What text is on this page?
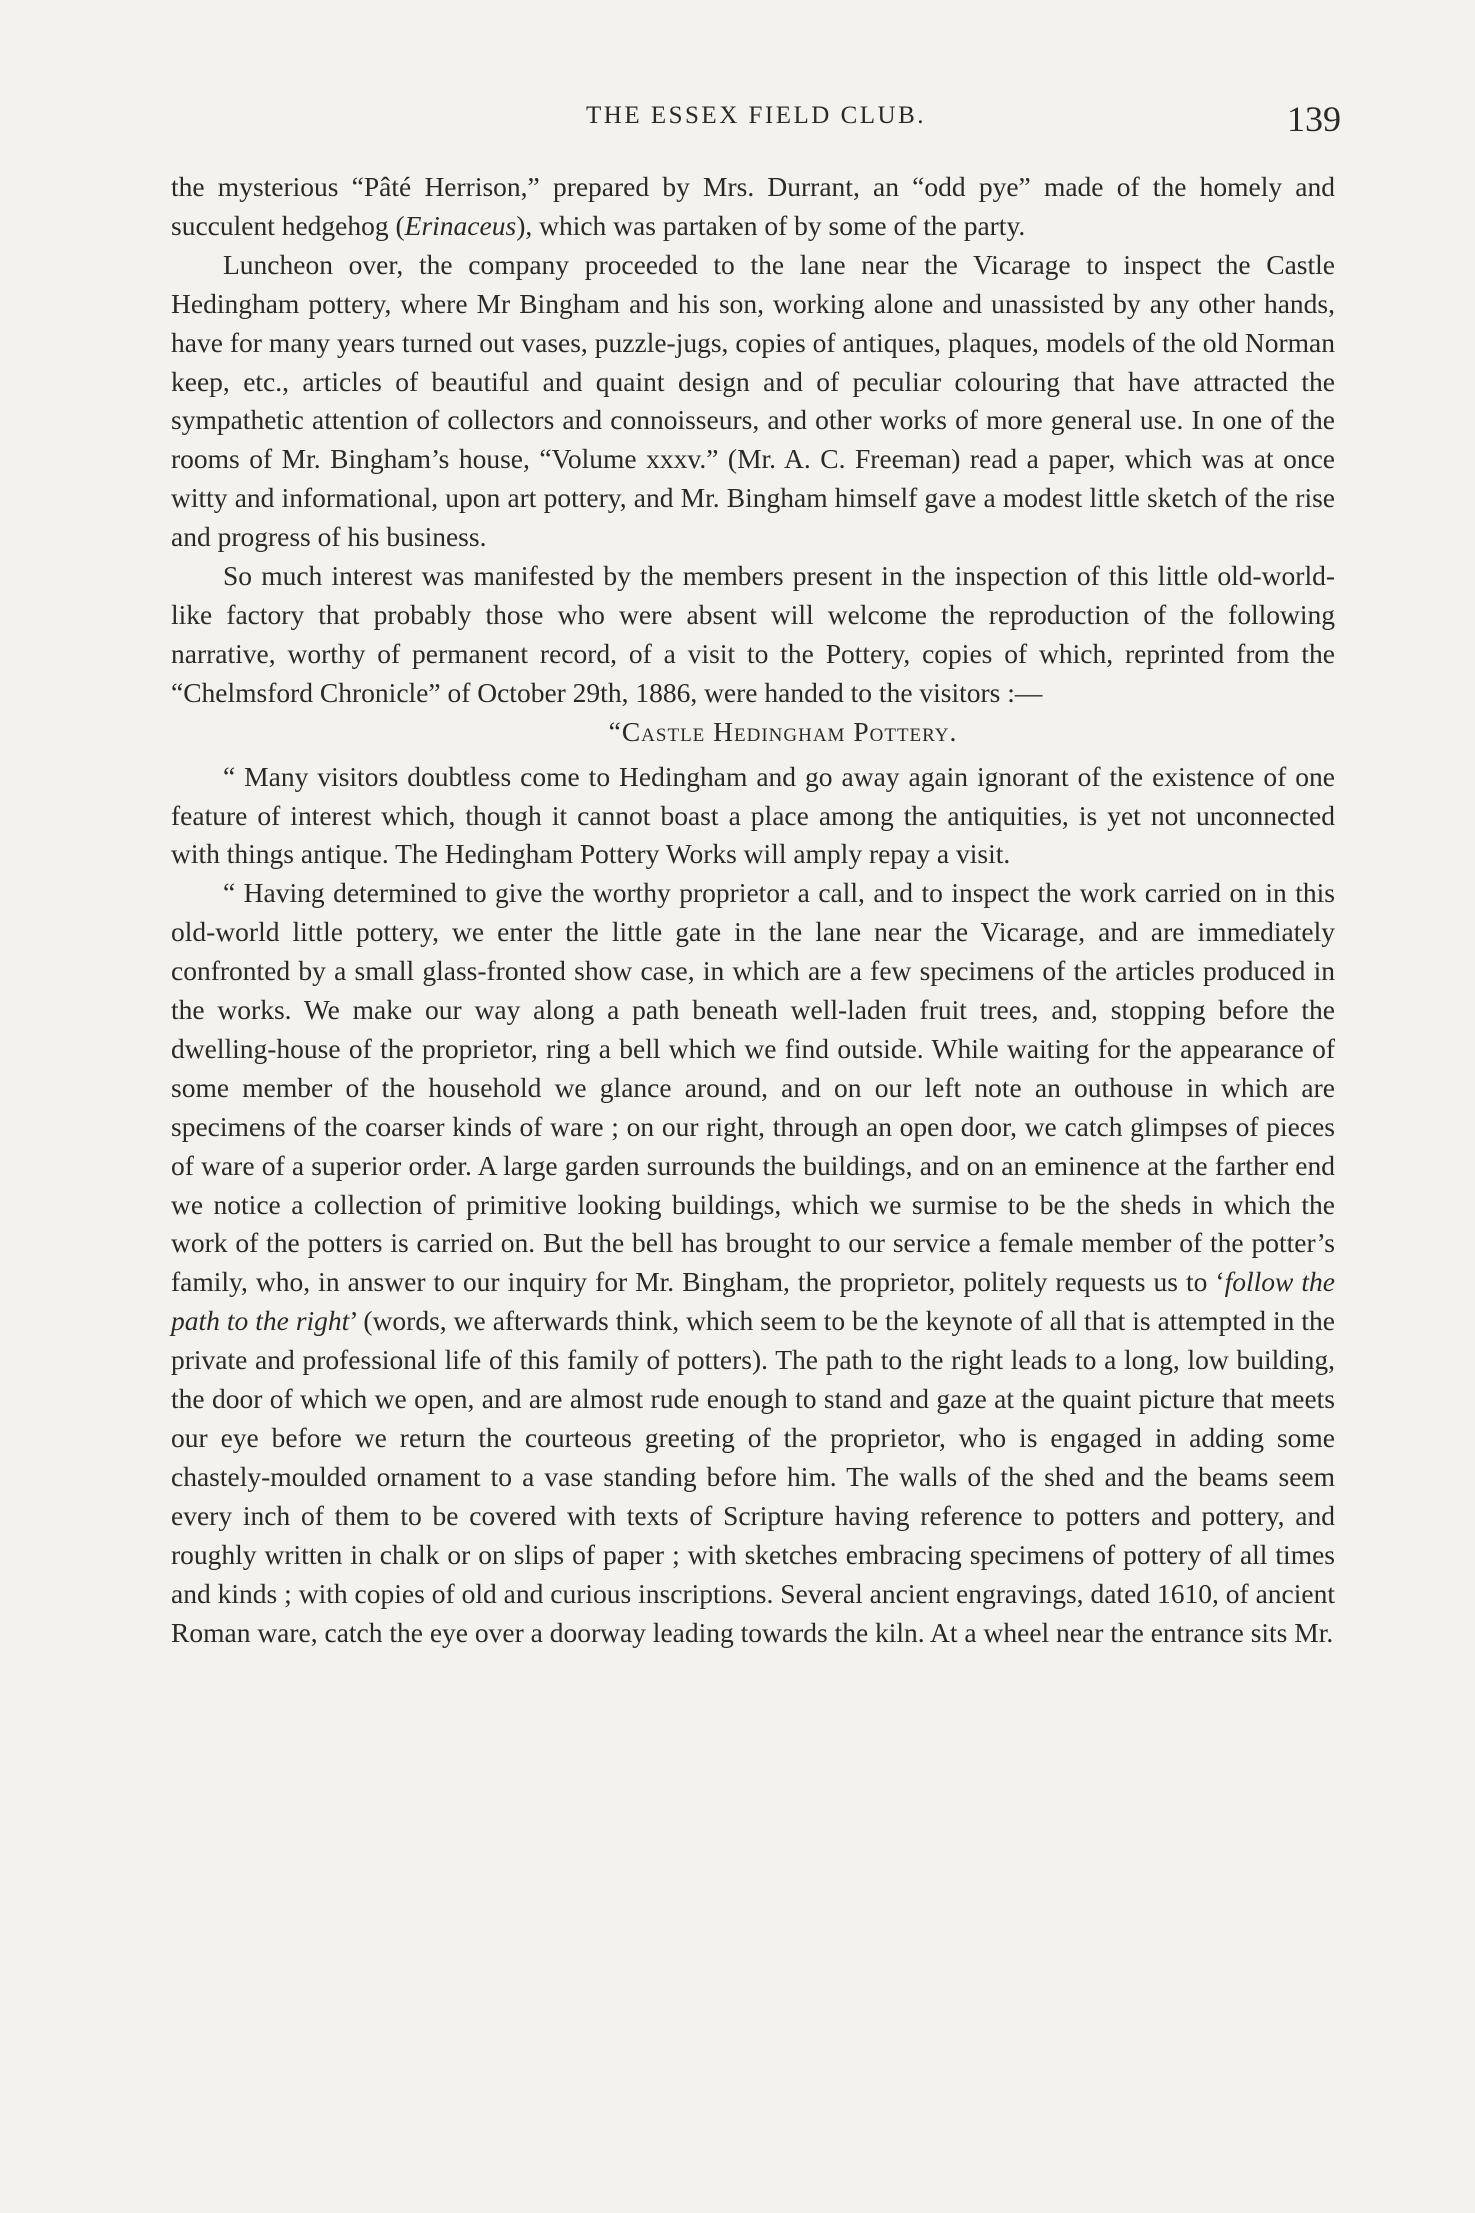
THE ESSEX FIELD CLUB.	139

the mysterious “Pâté Herrison,” prepared by Mrs. Durrant, an “odd pye” made of the homely and succulent hedgehog (Erinaceus), which was partaken of by some of the party.

Luncheon over, the company proceeded to the lane near the Vicarage to inspect the Castle Hedingham pottery, where Mr Bingham and his son, working alone and unassisted by any other hands, have for many years turned out vases, puzzle-jugs, copies of antiques, plaques, models of the old Norman keep, etc., articles of beautiful and quaint design and of peculiar colouring that have attracted the sympathetic attention of collectors and connoisseurs, and other works of more general use. In one of the rooms of Mr. Bingham’s house, “Volume xxxv.” (Mr. A. C. Freeman) read a paper, which was at once witty and informational, upon art pottery, and Mr. Bingham himself gave a modest little sketch of the rise and progress of his business.

So much interest was manifested by the members present in the inspection of this little old-world-like factory that probably those who were absent will welcome the reproduction of the following narrative, worthy of permanent record, of a visit to the Pottery, copies of which, reprinted from the “Chelmsford Chronicle” of October 29th, 1886, were handed to the visitors :—

“Castle Hedingham Pottery.

“ Many visitors doubtless come to Hedingham and go away again ignorant of the existence of one feature of interest which, though it cannot boast a place among the antiquities, is yet not unconnected with things antique. The Hedingham Pottery Works will amply repay a visit.

“ Having determined to give the worthy proprietor a call, and to inspect the work carried on in this old-world little pottery, we enter the little gate in the lane near the Vicarage, and are immediately confronted by a small glass-fronted show case, in which are a few specimens of the articles produced in the works. We make our way along a path beneath well-laden fruit trees, and, stopping before the dwelling-house of the proprietor, ring a bell which we find outside. While waiting for the appearance of some member of the household we glance around, and on our left note an outhouse in which are specimens of the coarser kinds of ware ; on our right, through an open door, we catch glimpses of pieces of ware of a superior order. A large garden surrounds the buildings, and on an eminence at the farther end we notice a collection of primitive looking buildings, which we surmise to be the sheds in which the work of the potters is carried on. But the bell has brought to our service a female member of the potter’s family, who, in answer to our inquiry for Mr. Bingham, the proprietor, politely requests us to ‘follow the path to the right’ (words, we afterwards think, which seem to be the keynote of all that is attempted in the private and professional life of this family of potters). The path to the right leads to a long, low building, the door of which we open, and are almost rude enough to stand and gaze at the quaint picture that meets our eye before we return the courteous greeting of the proprietor, who is engaged in adding some chastely-moulded ornament to a vase standing before him. The walls of the shed and the beams seem every inch of them to be covered with texts of Scripture having reference to potters and pottery, and roughly written in chalk or on slips of paper ; with sketches embracing specimens of pottery of all times and kinds ; with copies of old and curious inscriptions. Several ancient engravings, dated 1610, of ancient Roman ware, catch the eye over a doorway leading towards the kiln. At a wheel near the entrance sits Mr.
